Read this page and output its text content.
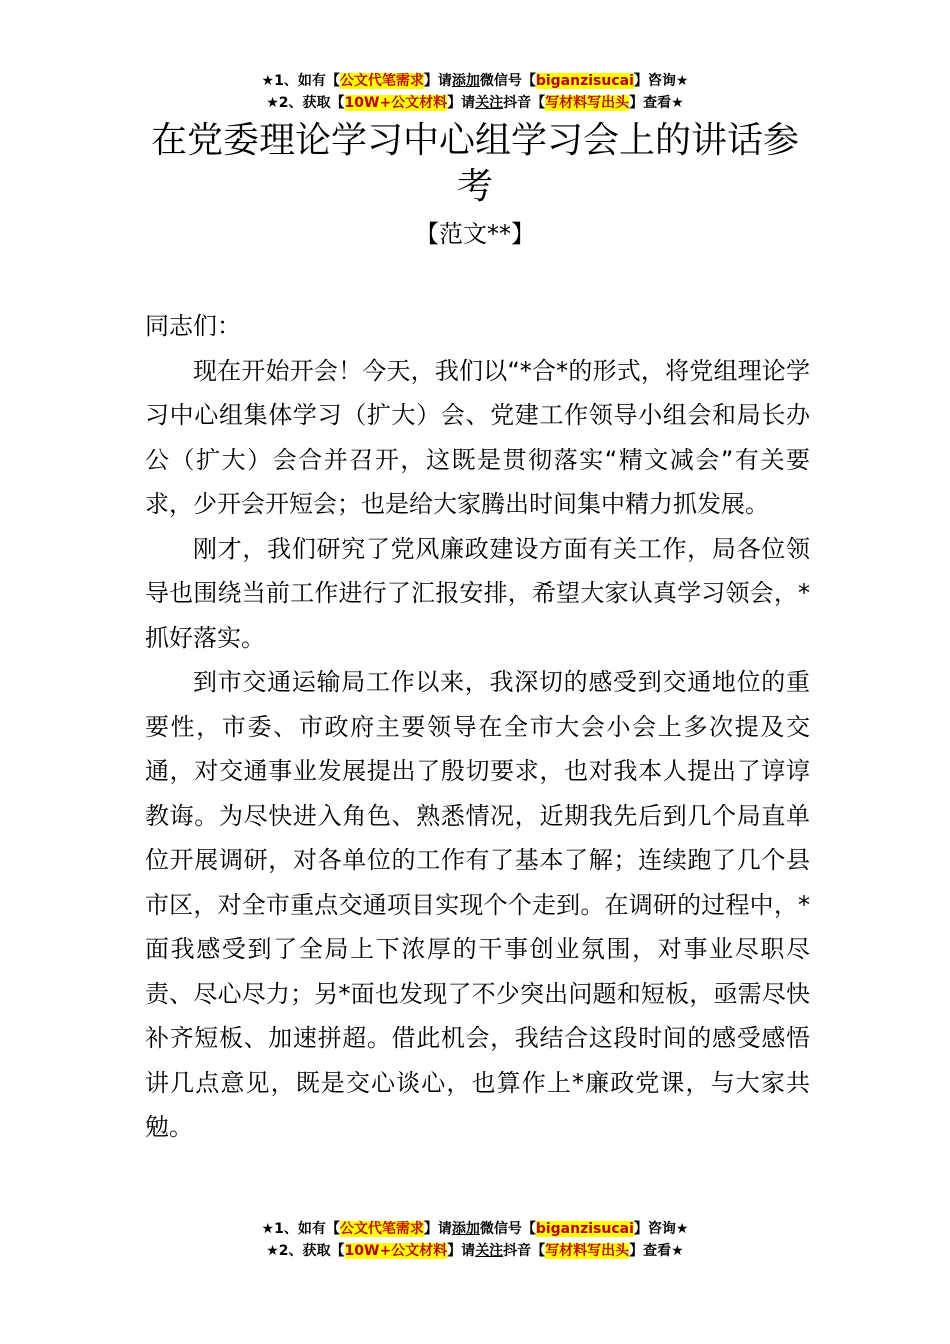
★1、如有【公文代笔需求】请添加微信号【biganzisucai】咨询★
★2、获取【10W+公文材料】请关注抖音【写材料写出头】查看★
在党委理论学习中心组学习会上的讲话参考
【范文**】

同志们：

现在开始开会！今天，我们以“*合*的形式，将党组理论学习中心组集体学习（扩大）会、党建工作领导小组会和局长办公（扩大）会合并召开，这既是贯彻落实“精文减会”有关要求，少开会开短会；也是给大家腾出时间集中精力抓发展。

刚才，我们研究了党风廉政建设方面有关工作，局各位领导也围绕当前工作进行了汇报安排，希望大家认真学习领会，*抓好落实。

到市交通运输局工作以来，我深切的感受到交通地位的重要性，市委、市政府主要领导在全市大会小会上多次提及交通，对交通事业发展提出了殷切要求，也对我本人提出了谆谆教诲。为尽快进入角色、熟悉情况，近期我先后到几个局直单位开展调研，对各单位的工作有了基本了解；连续跑了几个县市区，对全市重点交通项目实现个个走到。在调研的过程中，*面我感受到了全局上下浓厚的干事创业氛围，对事业尽职尽责、尽心尽力；另*面也发现了不少突出问题和短板，亟需尽快补齐短板、加速拼超。借此机会，我结合这段时间的感受感悟讲几点意见，既是交心谈心，也算作上*廉政党课，与大家共勉。

★1、如有【公文代笔需求】请添加微信号【biganzisucai】咨询★
★2、获取【10W+公文材料】请关注抖音【写材料写出头】查看★
